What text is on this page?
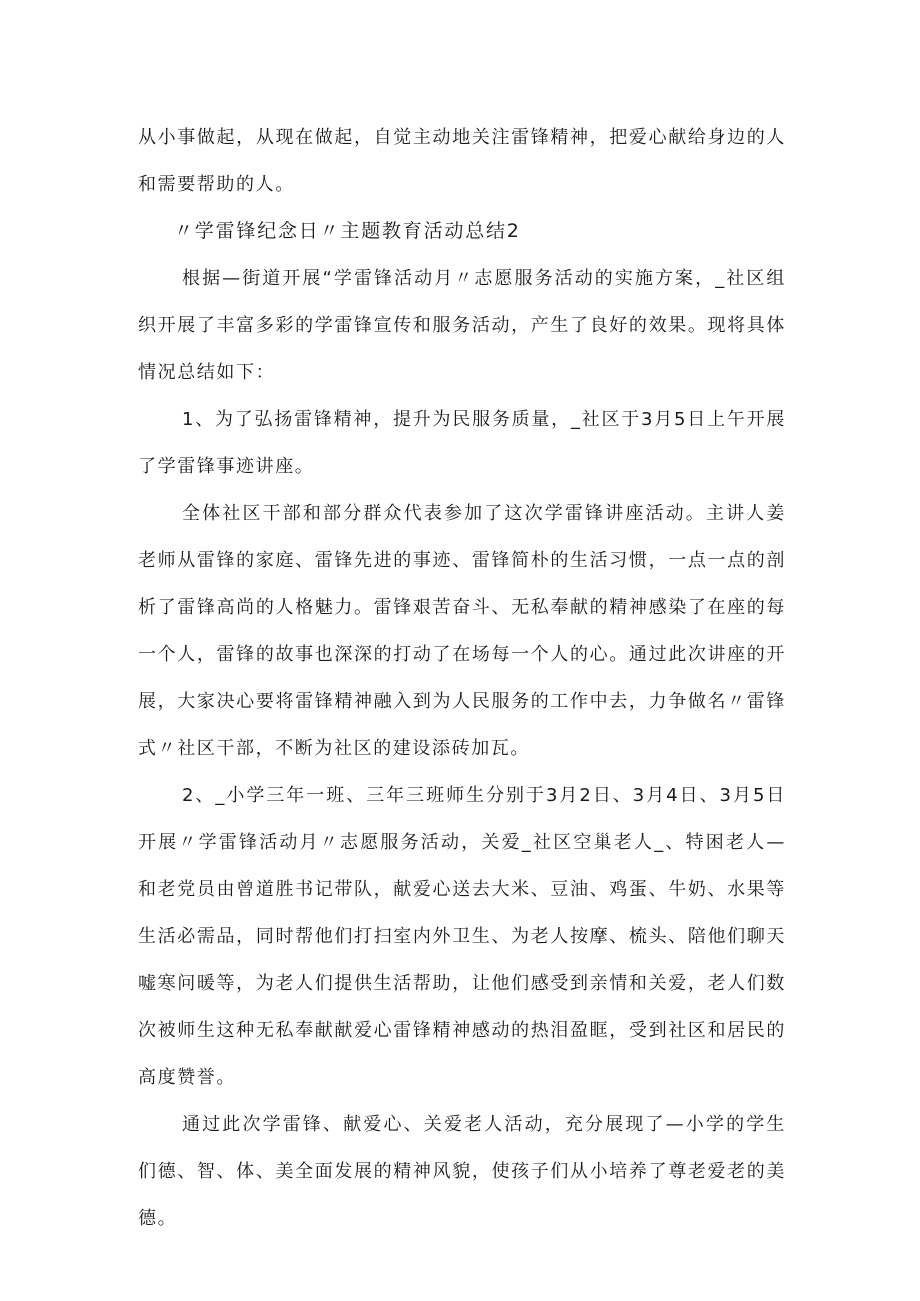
从小事做起，从现在做起，自觉主动地关注雷锋精神，把爱心献给身边的人和需要帮助的人。

〃学雷锋纪念日〃主题教育活动总结2

根据—街道开展“学雷锋活动月〃志愿服务活动的实施方案，_社区组织开展了丰富多彩的学雷锋宣传和服务活动，产生了良好的效果。现将具体情况总结如下：

1、为了弘扬雷锋精神，提升为民服务质量，_社区于3月5日上午开展了学雷锋事迹讲座。

全体社区干部和部分群众代表参加了这次学雷锋讲座活动。主讲人姜老师从雷锋的家庭、雷锋先进的事迹、雷锋简朴的生活习惯，一点一点的剖析了雷锋高尚的人格魅力。雷锋艰苦奋斗、无私奉献的精神感染了在座的每一个人，雷锋的故事也深深的打动了在场每一个人的心。通过此次讲座的开展，大家决心要将雷锋精神融入到为人民服务的工作中去，力争做名〃雷锋式〃社区干部，不断为社区的建设添砖加瓦。

2、_小学三年一班、三年三班师生分别于3月2日、3月4日、3月5日开展〃学雷锋活动月〃志愿服务活动，关爱_社区空巢老人_、特困老人—和老党员由曾道胜书记带队，献爱心送去大米、豆油、鸡蛋、牛奶、水果等生活必需品，同时帮他们打扫室内外卫生、为老人按摩、梳头、陪他们聊天嘘寒问暖等，为老人们提供生活帮助，让他们感受到亲情和关爱，老人们数次被师生这种无私奉献献爱心雷锋精神感动的热泪盈眶，受到社区和居民的高度赞誉。

通过此次学雷锋、献爱心、关爱老人活动，充分展现了—小学的学生们德、智、体、美全面发展的精神风貌，使孩子们从小培养了尊老爱老的美德。
